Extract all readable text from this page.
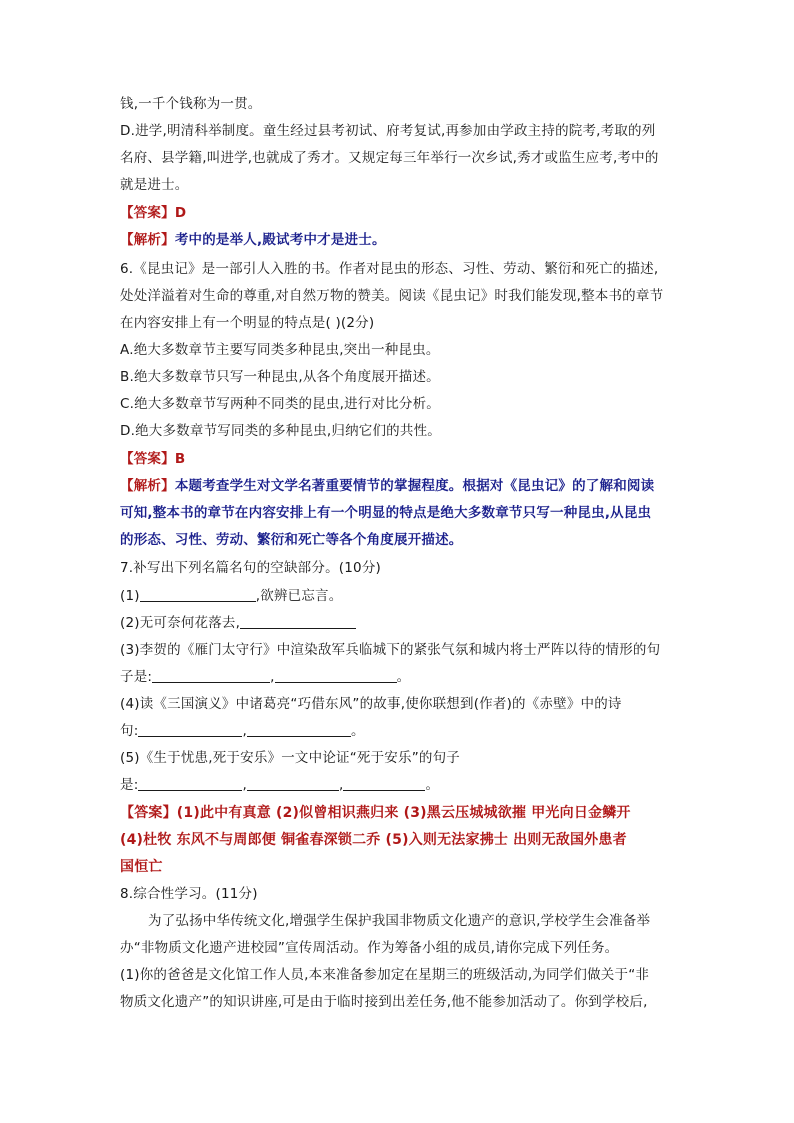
钱,一千个钱称为一贯。
D.进学,明清科举制度。童生经过县考初试、府考复试,再参加由学政主持的院考,考取的列
名府、县学籍,叫进学,也就成了秀才。又规定每三年举行一次乡试,秀才或监生应考,考中的
就是进士。
【答案】D
【解析】考中的是举人,殿试考中才是进士。
6.《昆虫记》是一部引人入胜的书。作者对昆虫的形态、习性、劳动、繁衍和死亡的描述,
处处洋溢着对生命的尊重,对自然万物的赞美。阅读《昆虫记》时我们能发现,整本书的章节
在内容安排上有一个明显的特点是( )(2分)
A.绝大多数章节主要写同类多种昆虫,突出一种昆虫。
B.绝大多数章节只写一种昆虫,从各个角度展开描述。
C.绝大多数章节写两种不同类的昆虫,进行对比分析。
D.绝大多数章节写同类的多种昆虫,归纳它们的共性。
【答案】B
【解析】本题考查学生对文学名著重要情节的掌握程度。根据对《昆虫记》的了解和阅读
可知,整本书的章节在内容安排上有一个明显的特点是绝大多数章节只写一种昆虫,从昆虫
的形态、习性、劳动、繁衍和死亡等各个角度展开描述。
7.补写出下列名篇名句的空缺部分。(10分)
(1)	,欲辨已忘言。
(2)无可奈何花落去,
(3)李贺的《雁门太守行》中渲染敌军兵临城下的紧张气氛和城内将士严阵以待的情形的句
子是:	,	。
(4)读《三国演义》中诸葛亮“巧借东风”的故事,使你联想到(作者)的《赤壁》中的诗
句:	,	。
(5)《生于忧患,死于安乐》一文中论证“死于安乐”的句子
是:	,	,	。
【答案】(1)此中有真意 (2)似曾相识燕归来 (3)黑云压城城欲摧 甲光向日金鳞开
(4)杜牧 东风不与周郎便 铜雀春深锁二乔 (5)入则无法家拂士 出则无敌国外患者
国恒亡
8.综合性学习。(11分)
为了弘扬中华传统文化,增强学生保护我国非物质文化遗产的意识,学校学生会准备举
办“非物质文化遗产进校园”宣传周活动。作为筹备小组的成员,请你完成下列任务。
(1)你的爸爸是文化馆工作人员,本来准备参加定在星期三的班级活动,为同学们做关于“非
物质文化遗产”的知识讲座,可是由于临时接到出差任务,他不能参加活动了。你到学校后,
